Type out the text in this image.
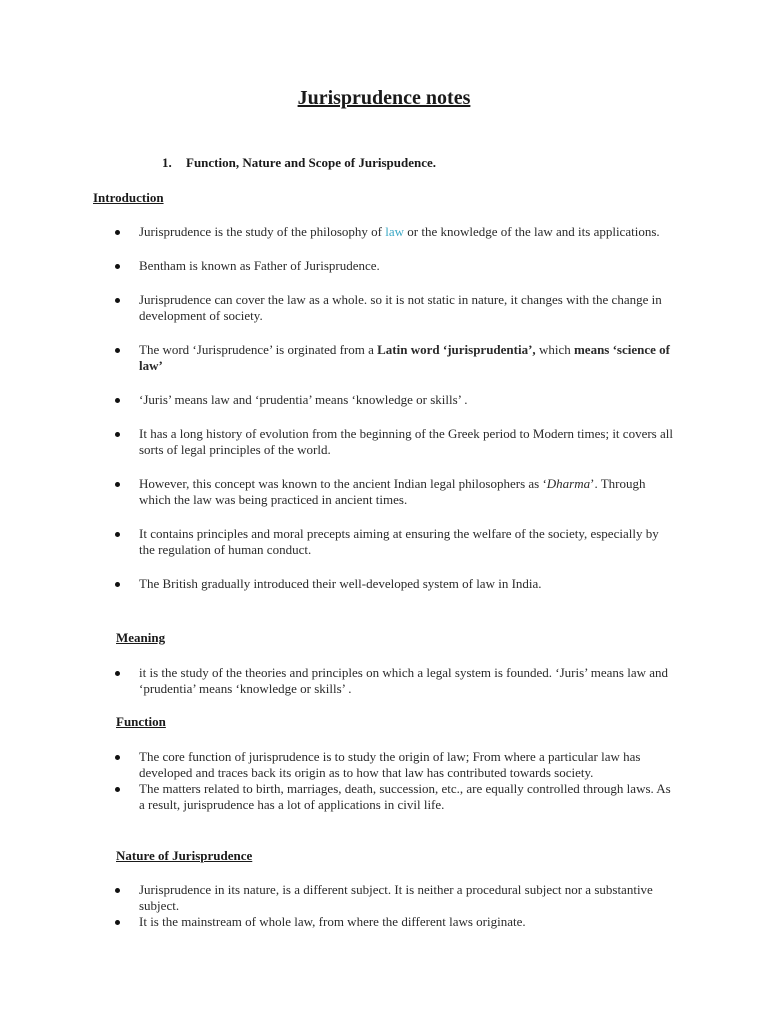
Jurisprudence notes
1. Function, Nature and Scope of Jurispudence.
Introduction
Jurisprudence is the study of the philosophy of law or the knowledge of the law and its applications.
Bentham is known as Father of Jurisprudence.
Jurisprudence can cover the law as a whole. so it is not static in nature, it changes with the change in development of society.
The word ‘Jurisprudence’ is orginated from a Latin word ‘jurisprudentia’, which means ‘science of law’
‘Juris’ means law and ‘prudentia’ means ‘knowledge or skills’ .
It has a long history of evolution from the beginning of the Greek period to Modern times; it covers all sorts of legal principles of the world.
However, this concept was known to the ancient Indian legal philosophers as ‘Dharma’. Through which the law was being practiced in ancient times.
It contains principles and moral precepts aiming at ensuring the welfare of the society, especially by the regulation of human conduct.
The British gradually introduced their well-developed system of law in India.
Meaning
it is the study of the theories and principles on which a legal system is founded. ‘Juris’ means law and ‘prudentia’ means ‘knowledge or skills’ .
Function
The core function of jurisprudence is to study the origin of law; From where a particular law has developed and traces back its origin as to how that law has contributed towards society.
The matters related to birth, marriages, death, succession, etc., are equally controlled through laws. As a result, jurisprudence has a lot of applications in civil life.
Nature of Jurisprudence
Jurisprudence in its nature, is a different subject. It is neither a procedural subject nor a substantive subject.
It is the mainstream of whole law, from where the different laws originate.
